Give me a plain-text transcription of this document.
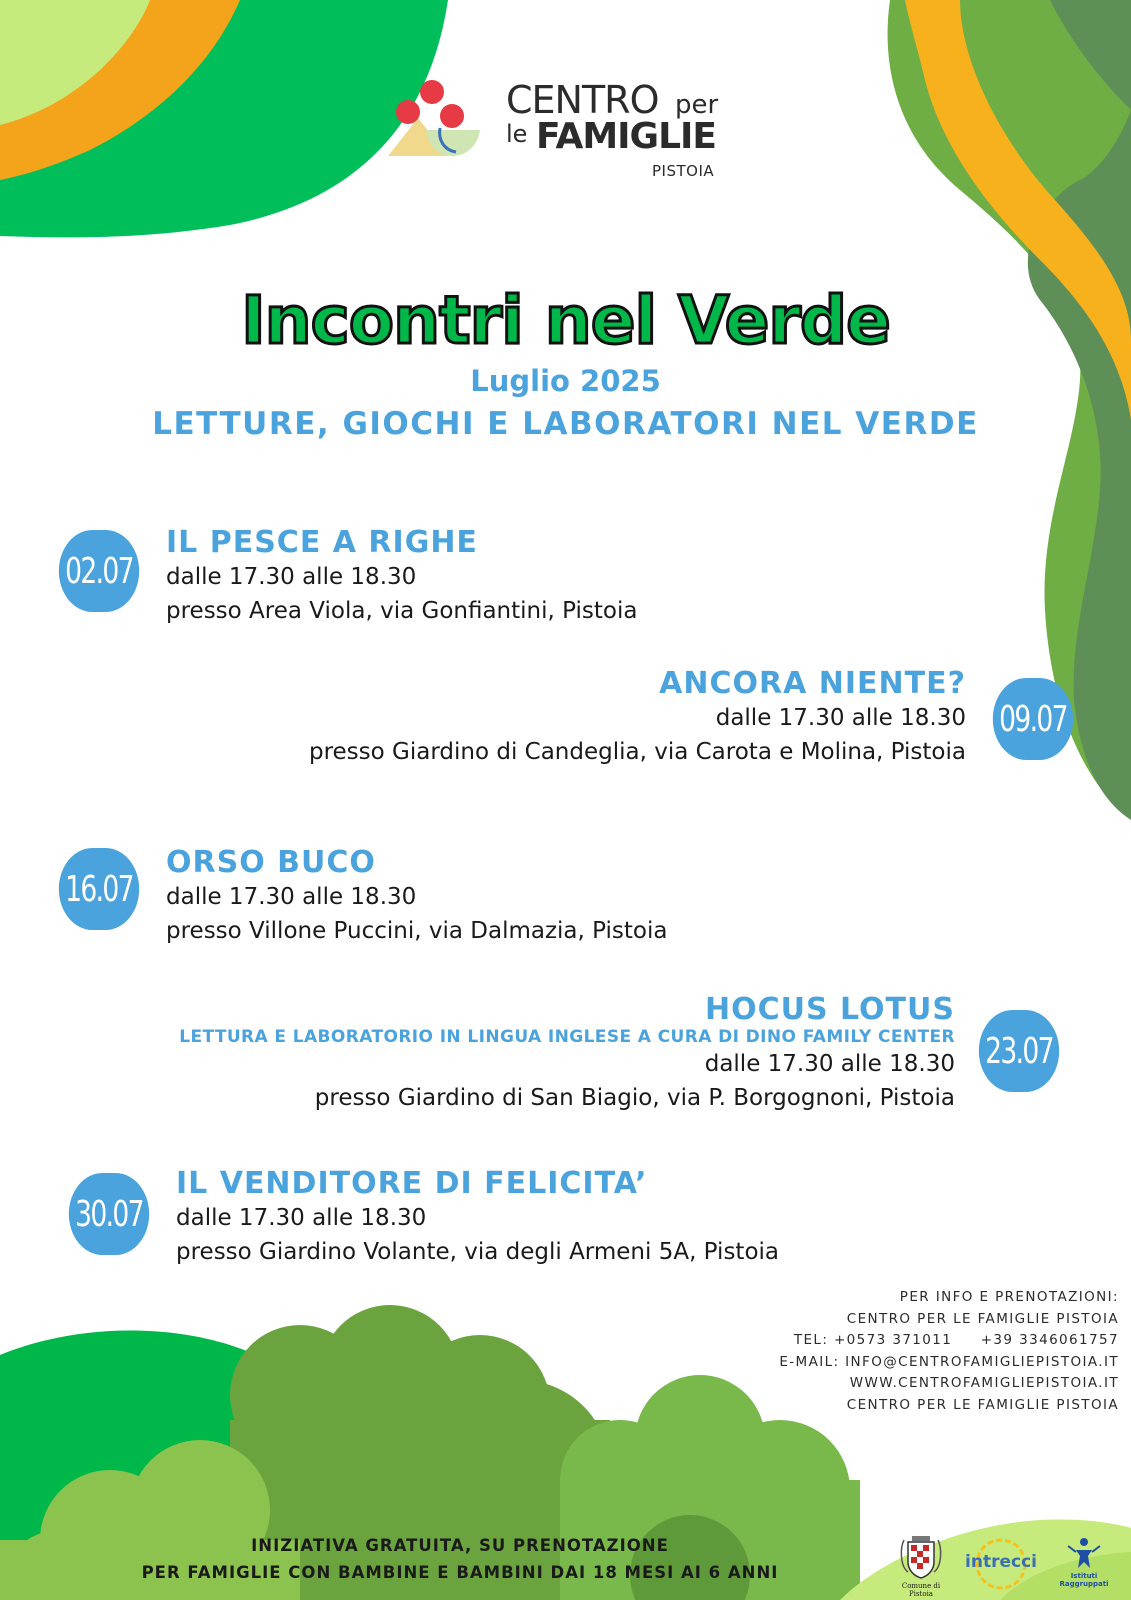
CENTRO per
le FAMIGLIE
PISTOIA
Incontri nel Verde
Luglio 2025
LETTURE, GIOCHI E LABORATORI NEL VERDE
02.07
IL PESCE A RIGHE
dalle 17.30 alle 18.30
presso Area Viola, via Gonfiantini, Pistoia
ANCORA NIENTE?
dalle 17.30 alle 18.30
presso Giardino di Candeglia, via Carota e Molina, Pistoia
09.07
16.07
ORSO BUCO
dalle 17.30 alle 18.30
presso Villone Puccini, via Dalmazia, Pistoia
HOCUS LOTUS
LETTURA E LABORATORIO IN LINGUA INGLESE A CURA DI DINO FAMILY CENTER
dalle 17.30 alle 18.30
presso Giardino di San Biagio, via P. Borgognoni, Pistoia
23.07
30.07
IL VENDITORE DI FELICITA’
dalle 17.30 alle 18.30
presso Giardino Volante, via degli Armeni 5A, Pistoia
PER INFO E PRENOTAZIONI:
CENTRO PER LE FAMIGLIE PISTOIA
TEL: +0573 371011     +39 3346061757
E-MAIL: INFO@CENTROFAMIGLIEPISTOIA.IT
WWW.CENTROFAMIGLIEPISTOIA.IT
CENTRO PER LE FAMIGLIE PISTOIA
INIZIATIVA GRATUITA, SU PRENOTAZIONE
PER FAMIGLIE CON BAMBINE E BAMBINI DAI 18 MESI AI 6 ANNI
Comune di Pistoia
intrecci
Istituti Raggruppati
